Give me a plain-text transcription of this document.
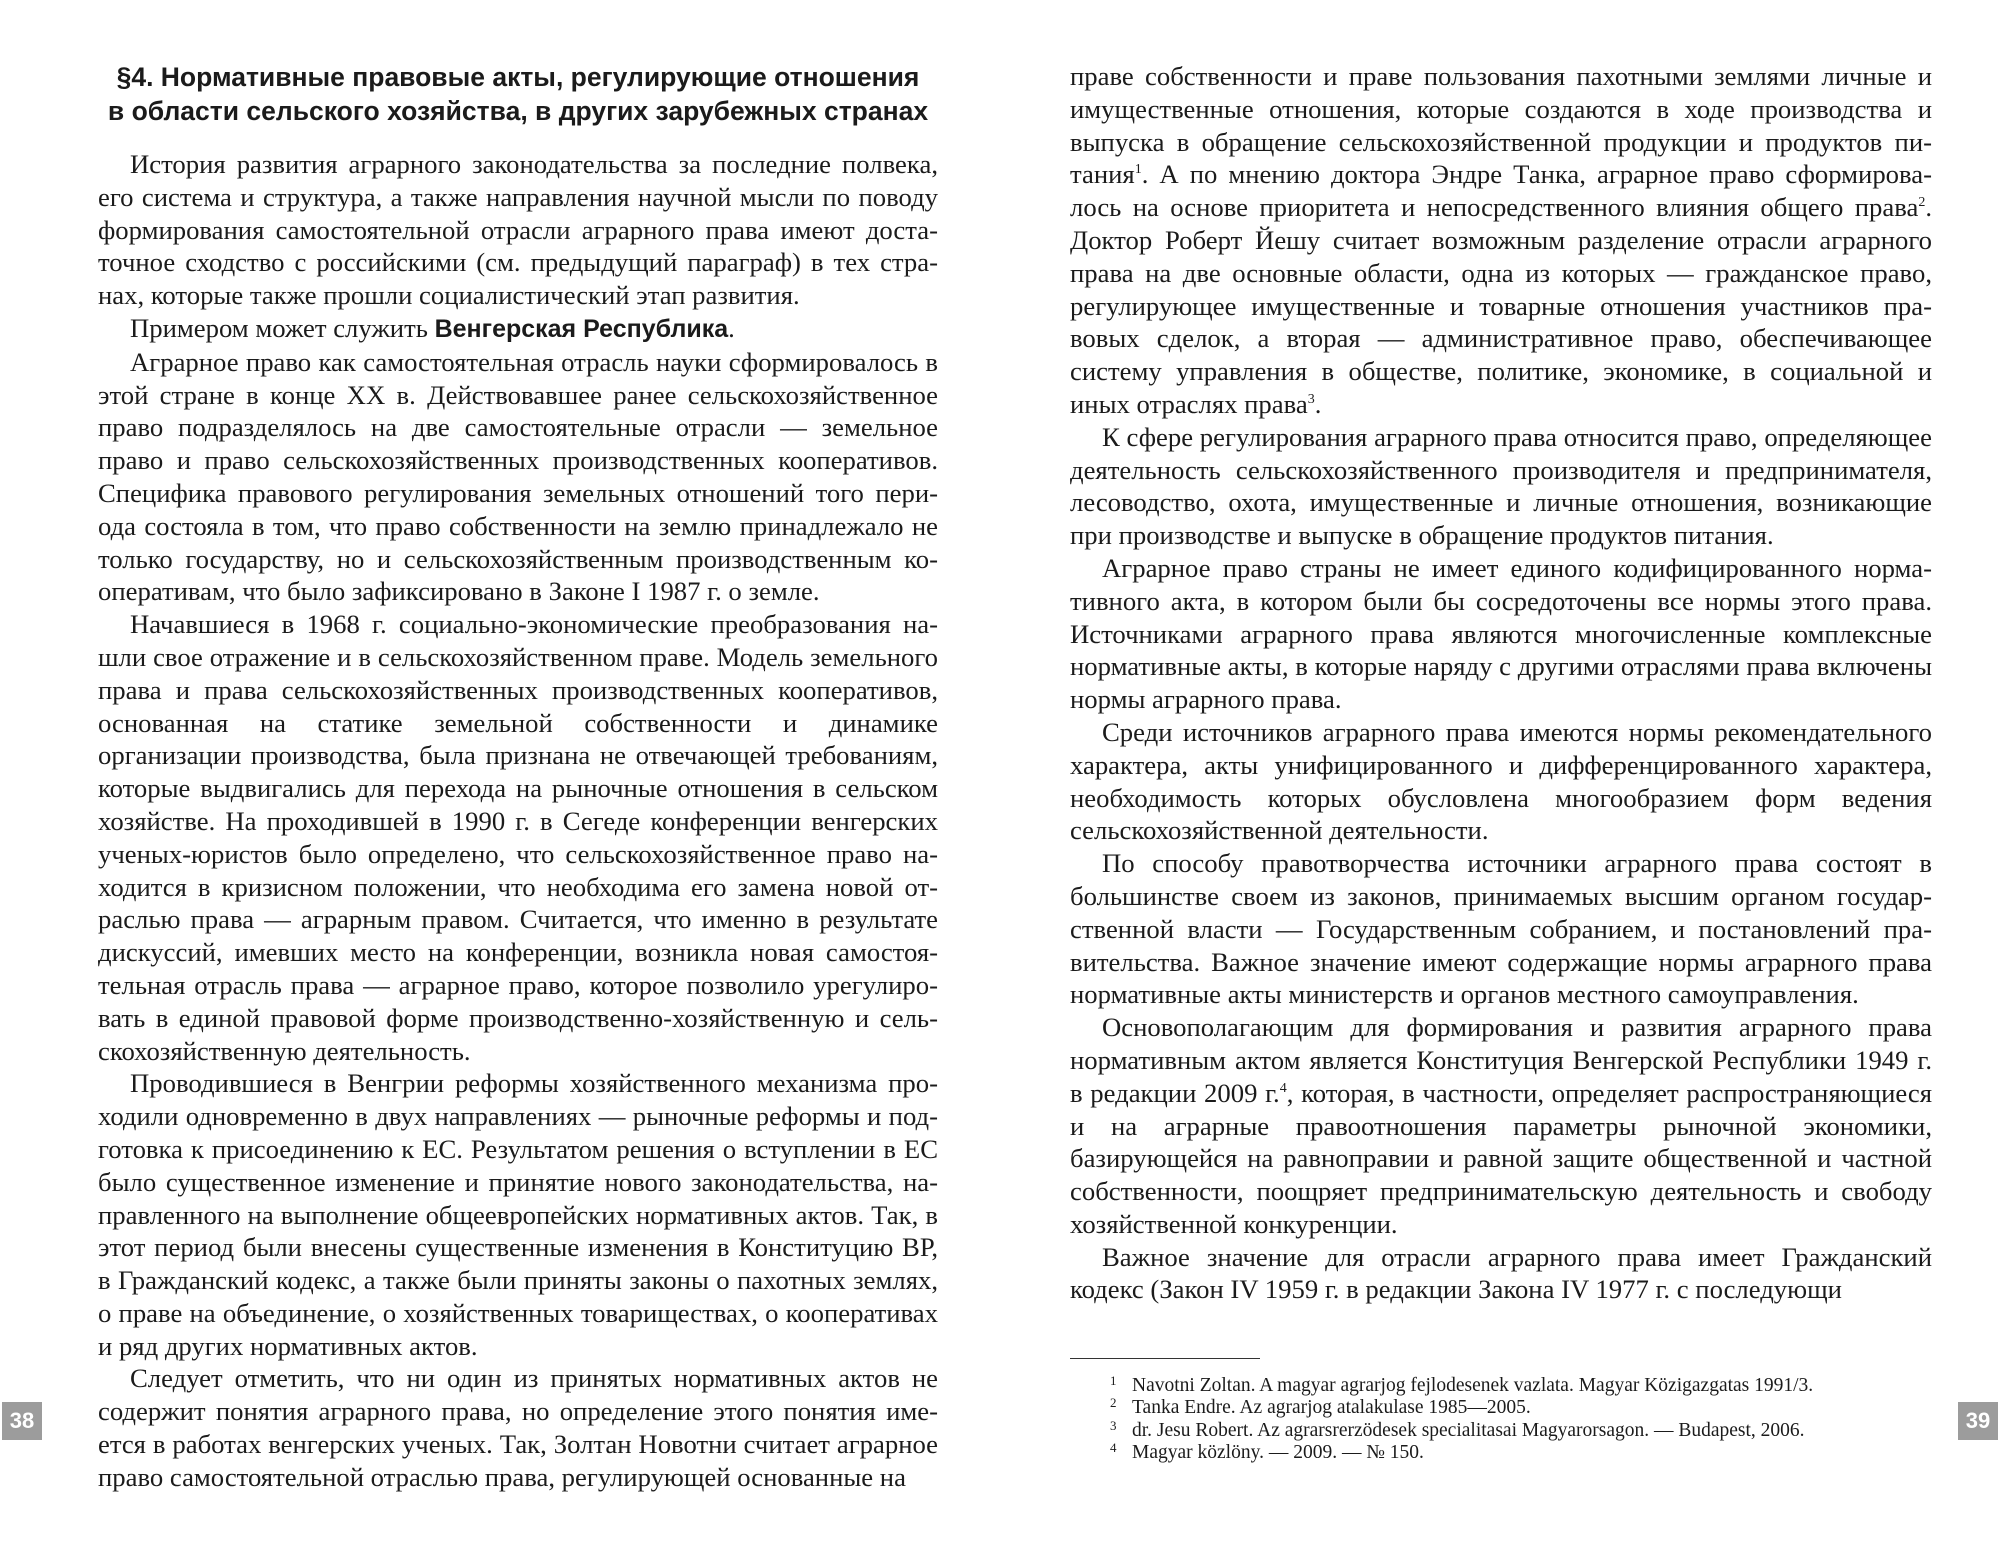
§4. Нормативные правовые акты, регулирующие отношения
в области сельского хозяйства, в других зарубежных странах

История развития аграрного законодательства за последние полвека, его система и структура, а также направления научной мысли по поводу формирования самостоятельной отрасли аграрного права имеют достаточное сходство с российскими (см. предыдущий параграф) в тех странах, которые также прошли социалистический этап развития.

Примером может служить Венгерская Республика.

Аграрное право как самостоятельная отрасль науки сформировалось в этой стране в конце XX в. Действовавшее ранее сельскохозяйственное право подразделялось на две самостоятельные отрасли — земельное право и право сельскохозяйственных производственных кооперативов. Специфика правового регулирования земельных отношений того периода состояла в том, что право собственности на землю принадлежало не только государству, но и сельскохозяйственным производственным кооперативам, что было зафиксировано в Законе I 1987 г. о земле.

Начавшиеся в 1968 г. социально-экономические преобразования нашли свое отражение и в сельскохозяйственном праве. Модель земельного права и права сельскохозяйственных производственных кооперативов, основанная на статике земельной собственности и динамике организации производства, была признана не отвечающей требованиям, которые выдвигались для перехода на рыночные отношения в сельском хозяйстве. На проходившей в 1990 г. в Сегеде конференции венгерских ученых-юристов было определено, что сельскохозяйственное право находится в кризисном положении, что необходима его замена новой отраслью права — аграрным правом. Считается, что именно в результате дискуссий, имевших место на конференции, возникла новая самостоятельная отрасль права — аграрное право, которое позволило урегулировать в единой правовой форме производственно-хозяйственную и сельскохозяйственную деятельность.

Проводившиеся в Венгрии реформы хозяйственного механизма проходили одновременно в двух направлениях — рыночные реформы и подготовка к присоединению к ЕС. Результатом решения о вступлении в ЕС было существенное изменение и принятие нового законодательства, направленного на выполнение общеевропейских нормативных актов. Так, в этот период были внесены существенные изменения в Конституцию ВР, в Гражданский кодекс, а также были приняты законы о пахотных землях, о праве на объединение, о хозяйственных товариществах, о кооперативах и ряд других нормативных актов.

Следует отметить, что ни один из принятых нормативных актов не содержит понятия аграрного права, но определение этого понятия имеется в работах венгерских ученых. Так, Золтан Новотни считает аграрное право самостоятельной отраслью права, регулирующей основанные на

38

праве собственности и праве пользования пахотными землями личные и имущественные отношения, которые создаются в ходе производства и выпуска в обращение сельскохозяйственной продукции и продуктов питания$^1$. А по мнению доктора Эндре Танка, аграрное право сформировалось на основе приоритета и непосредственного влияния общего права$^2$. Доктор Роберт Йешу считает возможным разделение отрасли аграрного права на две основные области, одна из которых — гражданское право, регулирующее имущественные и товарные отношения участников правовых сделок, а вторая — административное право, обеспечивающее систему управления в обществе, политике, экономике, в социальной и иных отраслях права$^3$.

К сфере регулирования аграрного права относится право, определяющее деятельность сельскохозяйственного производителя и предпринимателя, лесоводство, охота, имущественные и личные отношения, возникающие при производстве и выпуске в обращение продуктов питания.

Аграрное право страны не имеет единого кодифицированного нормативного акта, в котором были бы сосредоточены все нормы этого права. Источниками аграрного права являются многочисленные комплексные нормативные акты, в которые наряду с другими отраслями права включены нормы аграрного права.

Среди источников аграрного права имеются нормы рекомендательного характера, акты унифицированного и дифференцированного характера, необходимость которых обусловлена многообразием форм ведения сельскохозяйственной деятельности.

По способу правотворчества источники аграрного права состоят в большинстве своем из законов, принимаемых высшим органом государственной власти — Государственным собранием, и постановлений правительства. Важное значение имеют содержащие нормы аграрного права нормативные акты министерств и органов местного самоуправления.

Основополагающим для формирования и развития аграрного права нормативным актом является Конституция Венгерской Республики 1949 г. в редакции 2009 г.$^4$, которая, в частности, определяет распространяющиеся и на аграрные правоотношения параметры рыночной экономики, базирующейся на равноправии и равной защите общественной и частной собственности, поощряет предпринимательскую деятельность и свободу хозяйственной конкуренции.

Важное значение для отрасли аграрного права имеет Гражданский кодекс (Закон IV 1959 г. в редакции Закона IV 1977 г. с последующи

1 Navotni Zoltan. A magyar agrarjog fejlodesenek vazlata. Magyar Közigazgatas 1991/3.
2 Tanka Endre. Az agrarjog atalakulase 1985—2005.
3 dr. Jesu Robert. Az agrarsrerzödesek specialitasai Magyarorsagon. — Budapest, 2006.
4 Magyar közlöny. — 2009. — № 150.
39
